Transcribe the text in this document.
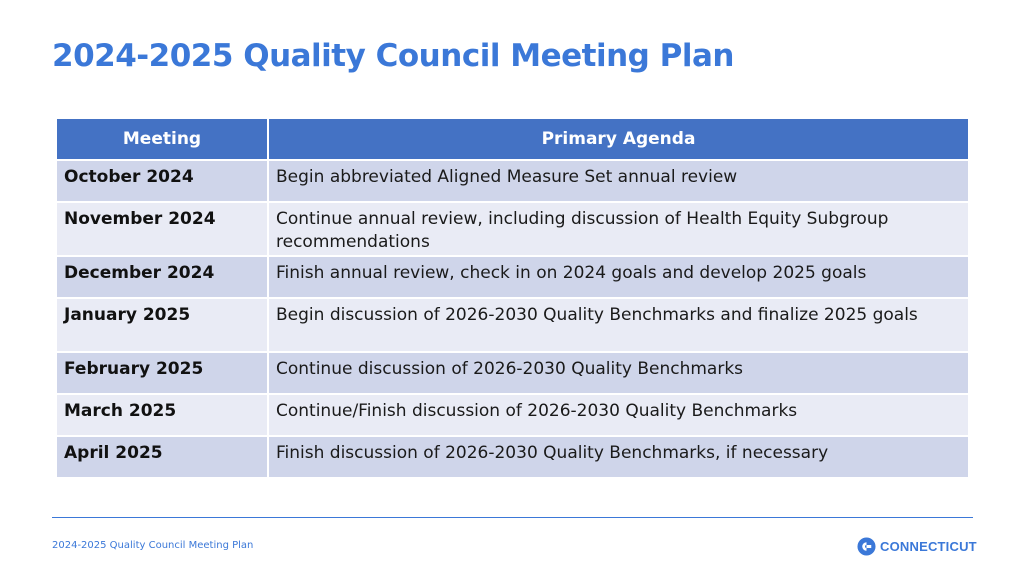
2024-2025 Quality Council Meeting Plan
Meeting	Primary Agenda
October 2024	Begin abbreviated Aligned Measure Set annual review
November 2024	Continue annual review, including discussion of Health Equity Subgroup recommendations
December 2024	Finish annual review, check in on 2024 goals and develop 2025 goals
January 2025	Begin discussion of 2026-2030 Quality Benchmarks and finalize 2025 goals
February 2025	Continue discussion of 2026-2030 Quality Benchmarks
March 2025	Continue/Finish discussion of 2026-2030 Quality Benchmarks
April 2025	Finish discussion of 2026-2030 Quality Benchmarks, if necessary
2024-2025 Quality Council Meeting Plan	CONNECTICUT
